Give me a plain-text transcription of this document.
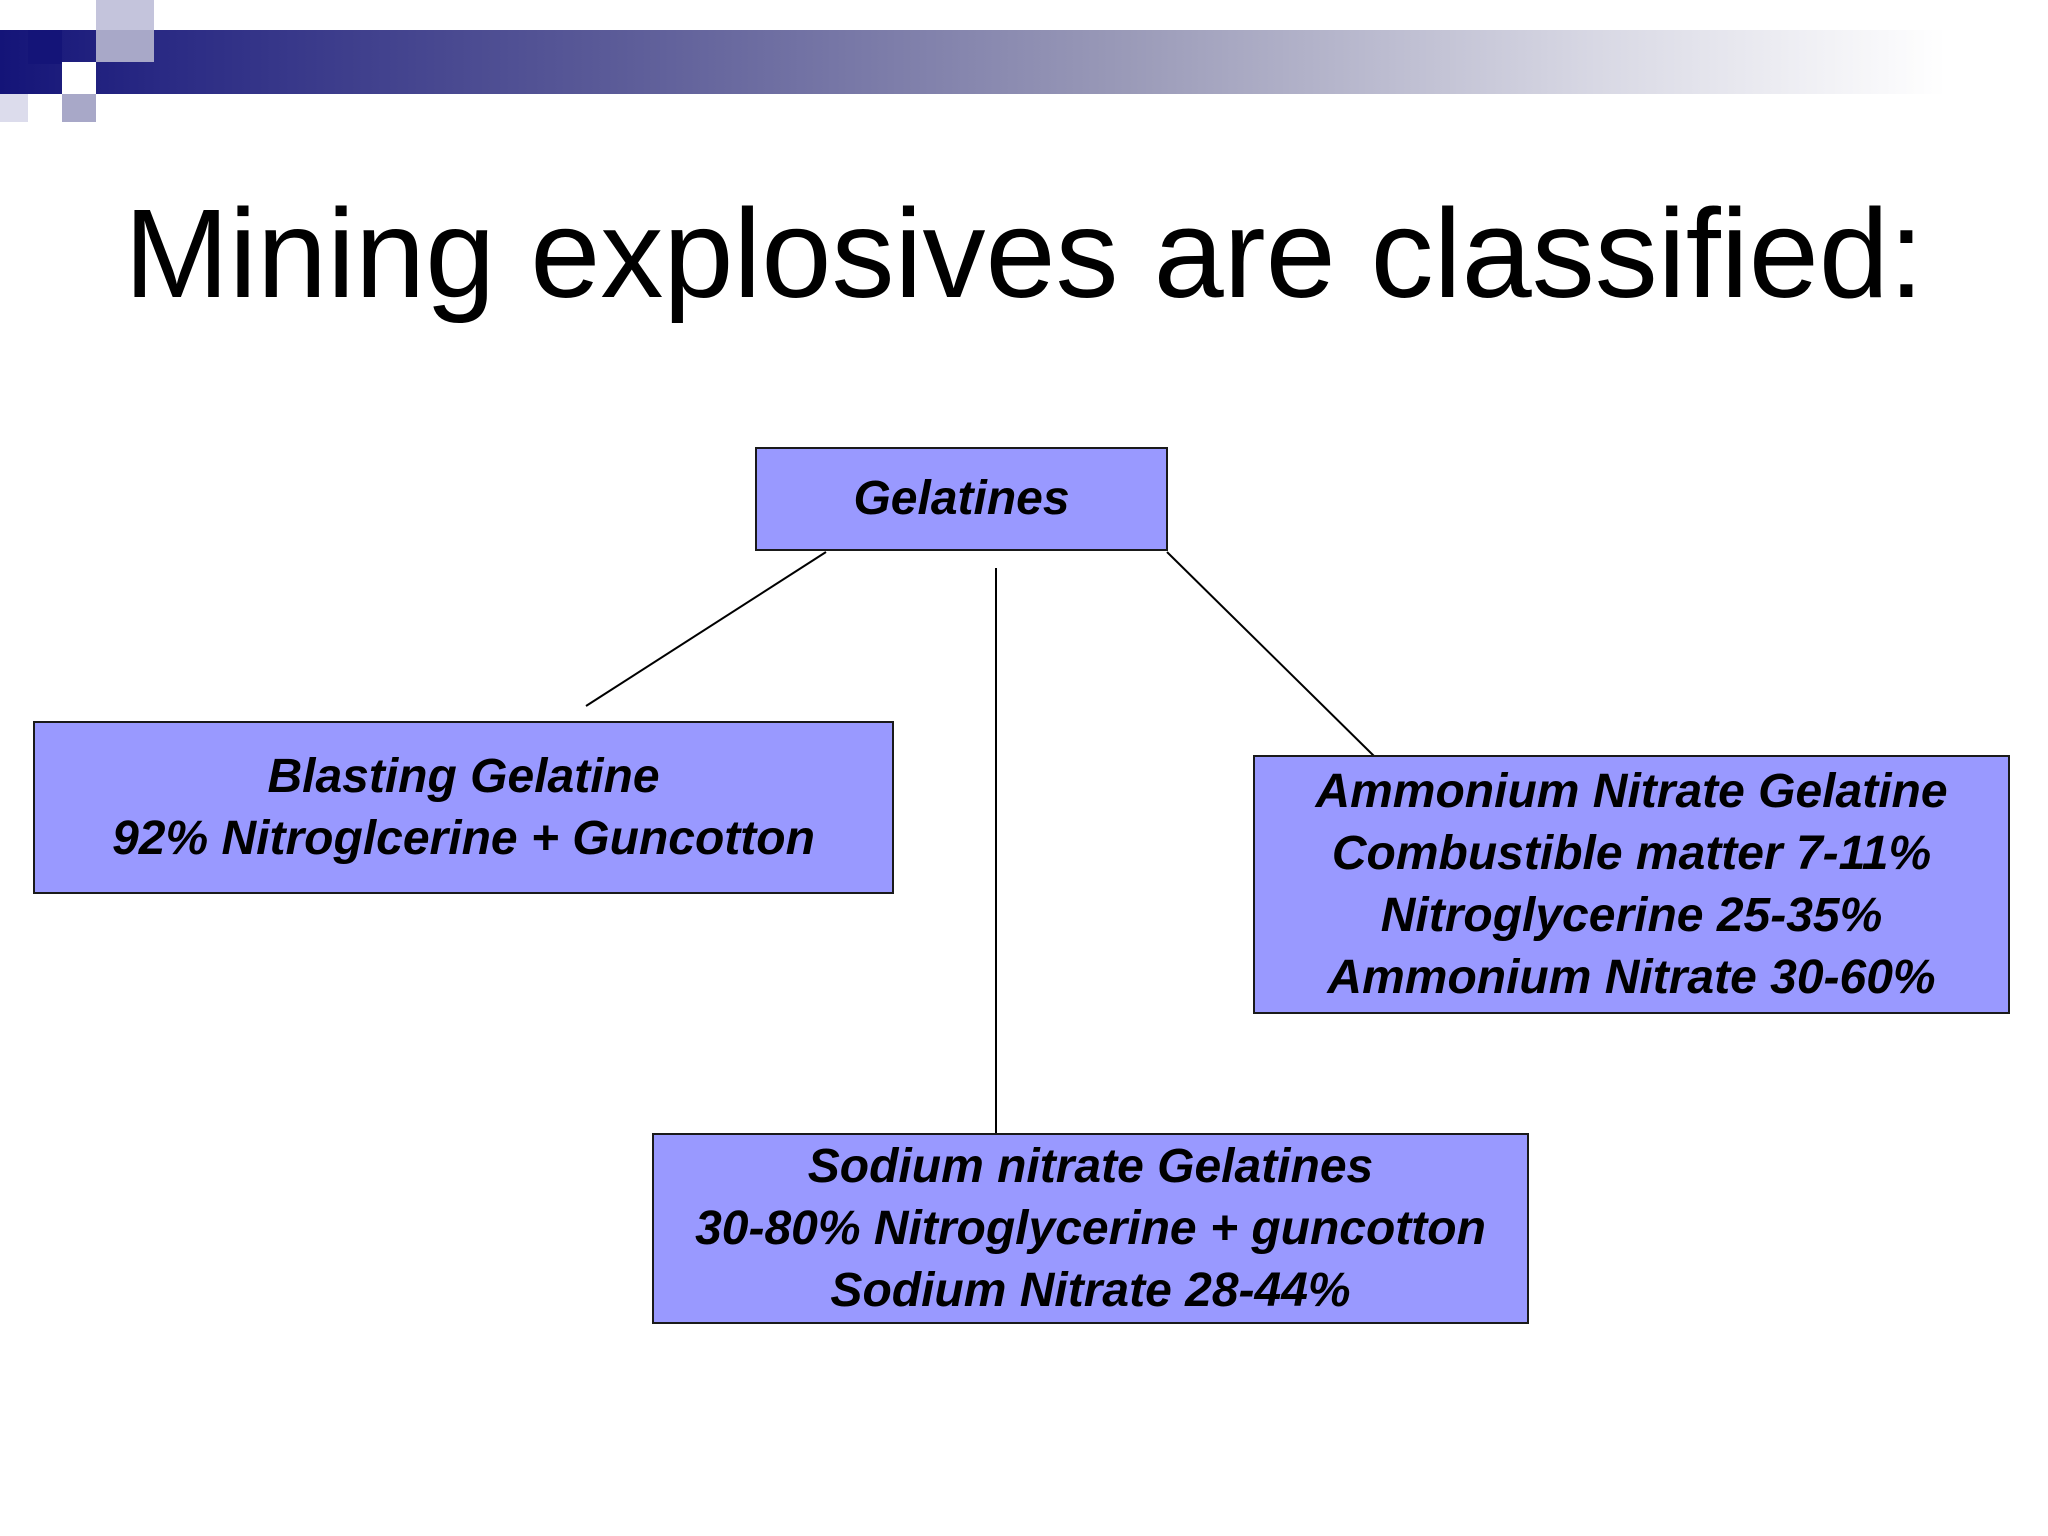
Mining explosives are classified:
Gelatines
Blasting Gelatine
92% Nitroglcerine + Guncotton
Ammonium Nitrate Gelatine
Combustible matter 7-11%
Nitroglycerine 25-35%
Ammonium Nitrate 30-60%
Sodium nitrate Gelatines
30-80% Nitroglycerine + guncotton
Sodium Nitrate 28-44%
